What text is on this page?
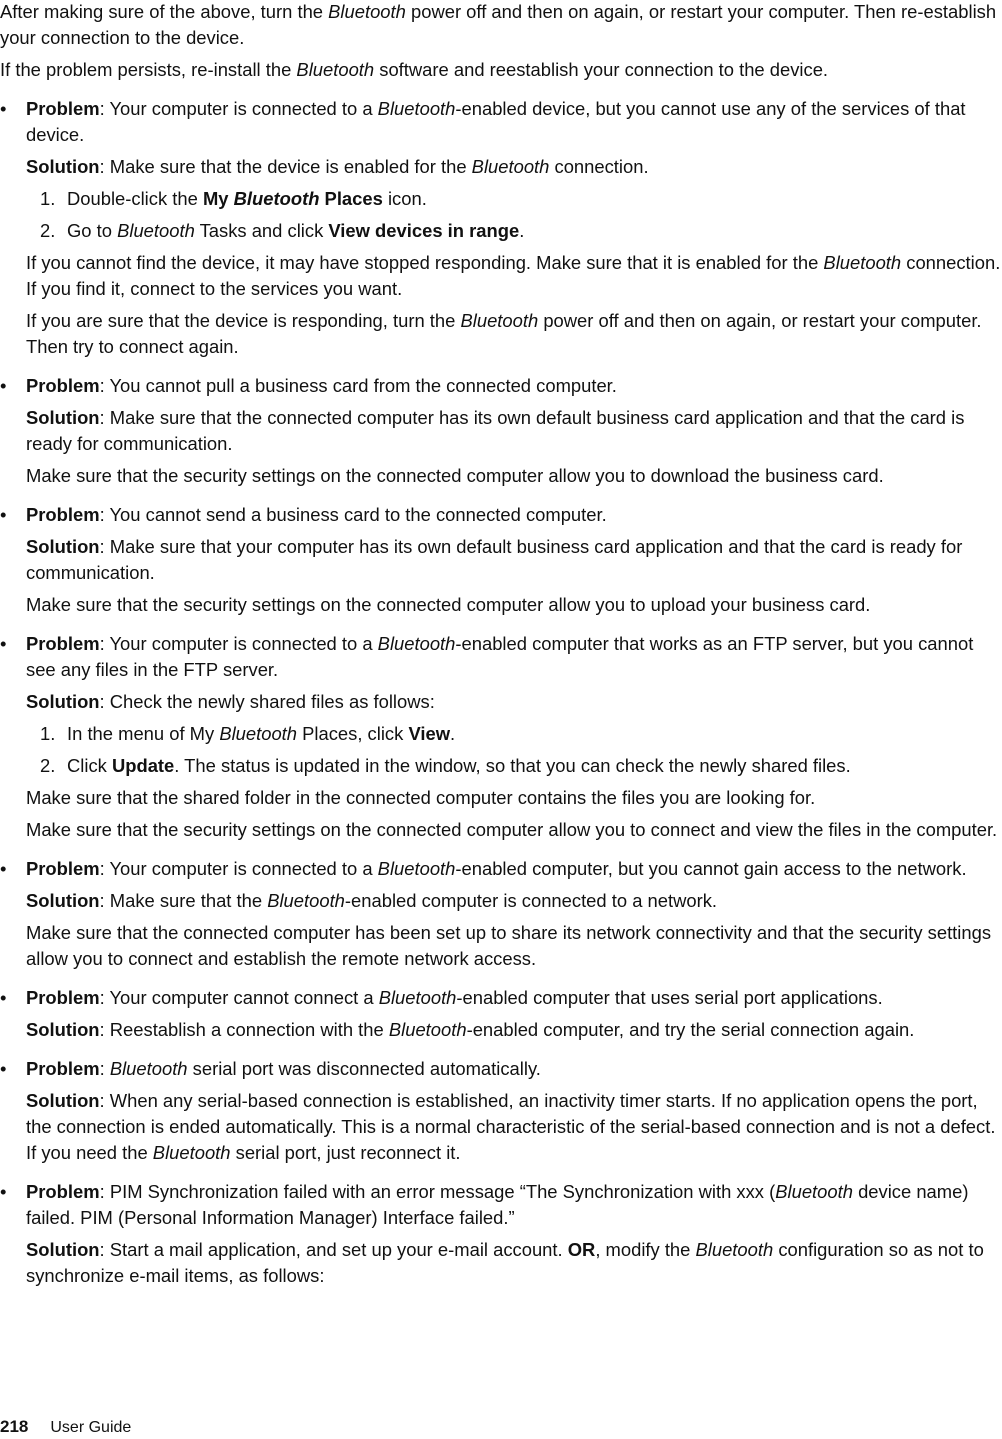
After making sure of the above, turn the Bluetooth power off and then on again, or restart your computer. Then re-establish your connection to the device.

If the problem persists, re-install the Bluetooth software and reestablish your connection to the device.

• Problem: Your computer is connected to a Bluetooth-enabled device, but you cannot use any of the services of that device.

Solution: Make sure that the device is enabled for the Bluetooth connection.

1. Double-click the My Bluetooth Places icon.

2. Go to Bluetooth Tasks and click View devices in range.

If you cannot find the device, it may have stopped responding. Make sure that it is enabled for the Bluetooth connection. If you find it, connect to the services you want.

If you are sure that the device is responding, turn the Bluetooth power off and then on again, or restart your computer. Then try to connect again.

• Problem: You cannot pull a business card from the connected computer.

Solution: Make sure that the connected computer has its own default business card application and that the card is ready for communication.

Make sure that the security settings on the connected computer allow you to download the business card.

• Problem: You cannot send a business card to the connected computer.

Solution: Make sure that your computer has its own default business card application and that the card is ready for communication.

Make sure that the security settings on the connected computer allow you to upload your business card.

• Problem: Your computer is connected to a Bluetooth-enabled computer that works as an FTP server, but you cannot see any files in the FTP server.

Solution: Check the newly shared files as follows:

1. In the menu of My Bluetooth Places, click View.

2. Click Update. The status is updated in the window, so that you can check the newly shared files.

Make sure that the shared folder in the connected computer contains the files you are looking for.

Make sure that the security settings on the connected computer allow you to connect and view the files in the computer.

• Problem: Your computer is connected to a Bluetooth-enabled computer, but you cannot gain access to the network.

Solution: Make sure that the Bluetooth-enabled computer is connected to a network.

Make sure that the connected computer has been set up to share its network connectivity and that the security settings allow you to connect and establish the remote network access.

• Problem: Your computer cannot connect a Bluetooth-enabled computer that uses serial port applications.

Solution: Reestablish a connection with the Bluetooth-enabled computer, and try the serial connection again.

• Problem: Bluetooth serial port was disconnected automatically.

Solution: When any serial-based connection is established, an inactivity timer starts. If no application opens the port, the connection is ended automatically. This is a normal characteristic of the serial-based connection and is not a defect. If you need the Bluetooth serial port, just reconnect it.

• Problem: PIM Synchronization failed with an error message “The Synchronization with xxx (Bluetooth device name) failed. PIM (Personal Information Manager) Interface failed.”

Solution: Start a mail application, and set up your e-mail account. OR, modify the Bluetooth configuration so as not to synchronize e-mail items, as follows:

218 User Guide
